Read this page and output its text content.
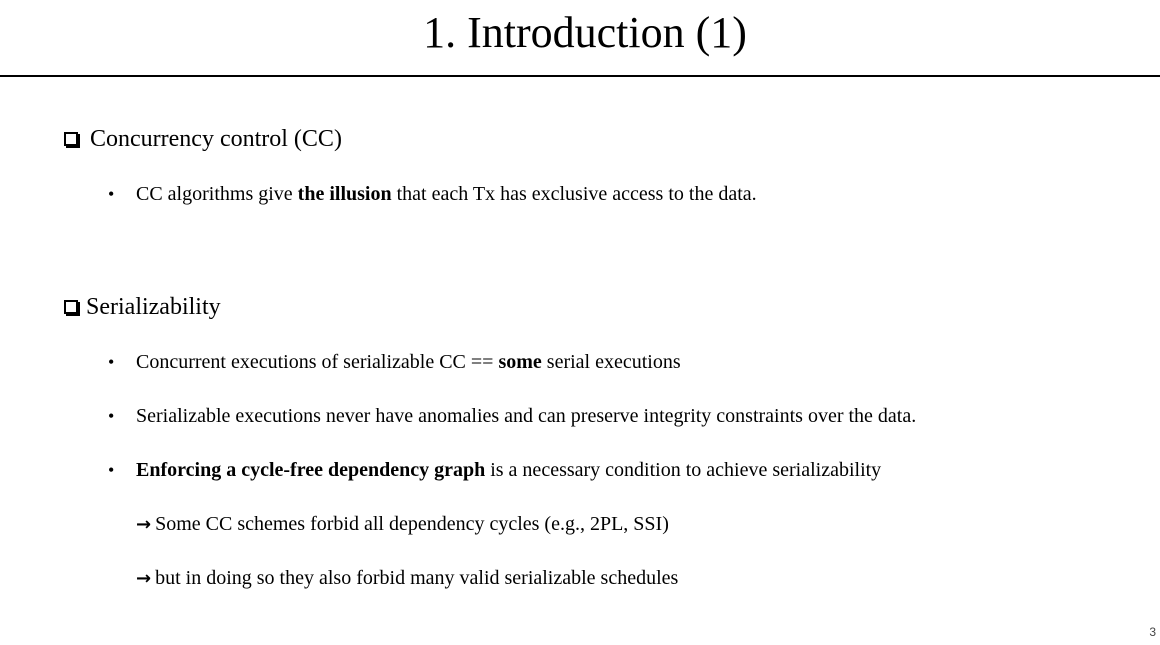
1. Introduction (1)
Concurrency control (CC)
• CC algorithms give the illusion that each Tx has exclusive access to the data.
Serializability
• Concurrent executions of serializable CC == some serial executions
• Serializable executions never have anomalies and can preserve integrity constraints over the data.
• Enforcing a cycle-free dependency graph is a necessary condition to achieve serializability
→ Some CC schemes forbid all dependency cycles (e.g., 2PL, SSI)
→ but in doing so they also forbid many valid serializable schedules
3
